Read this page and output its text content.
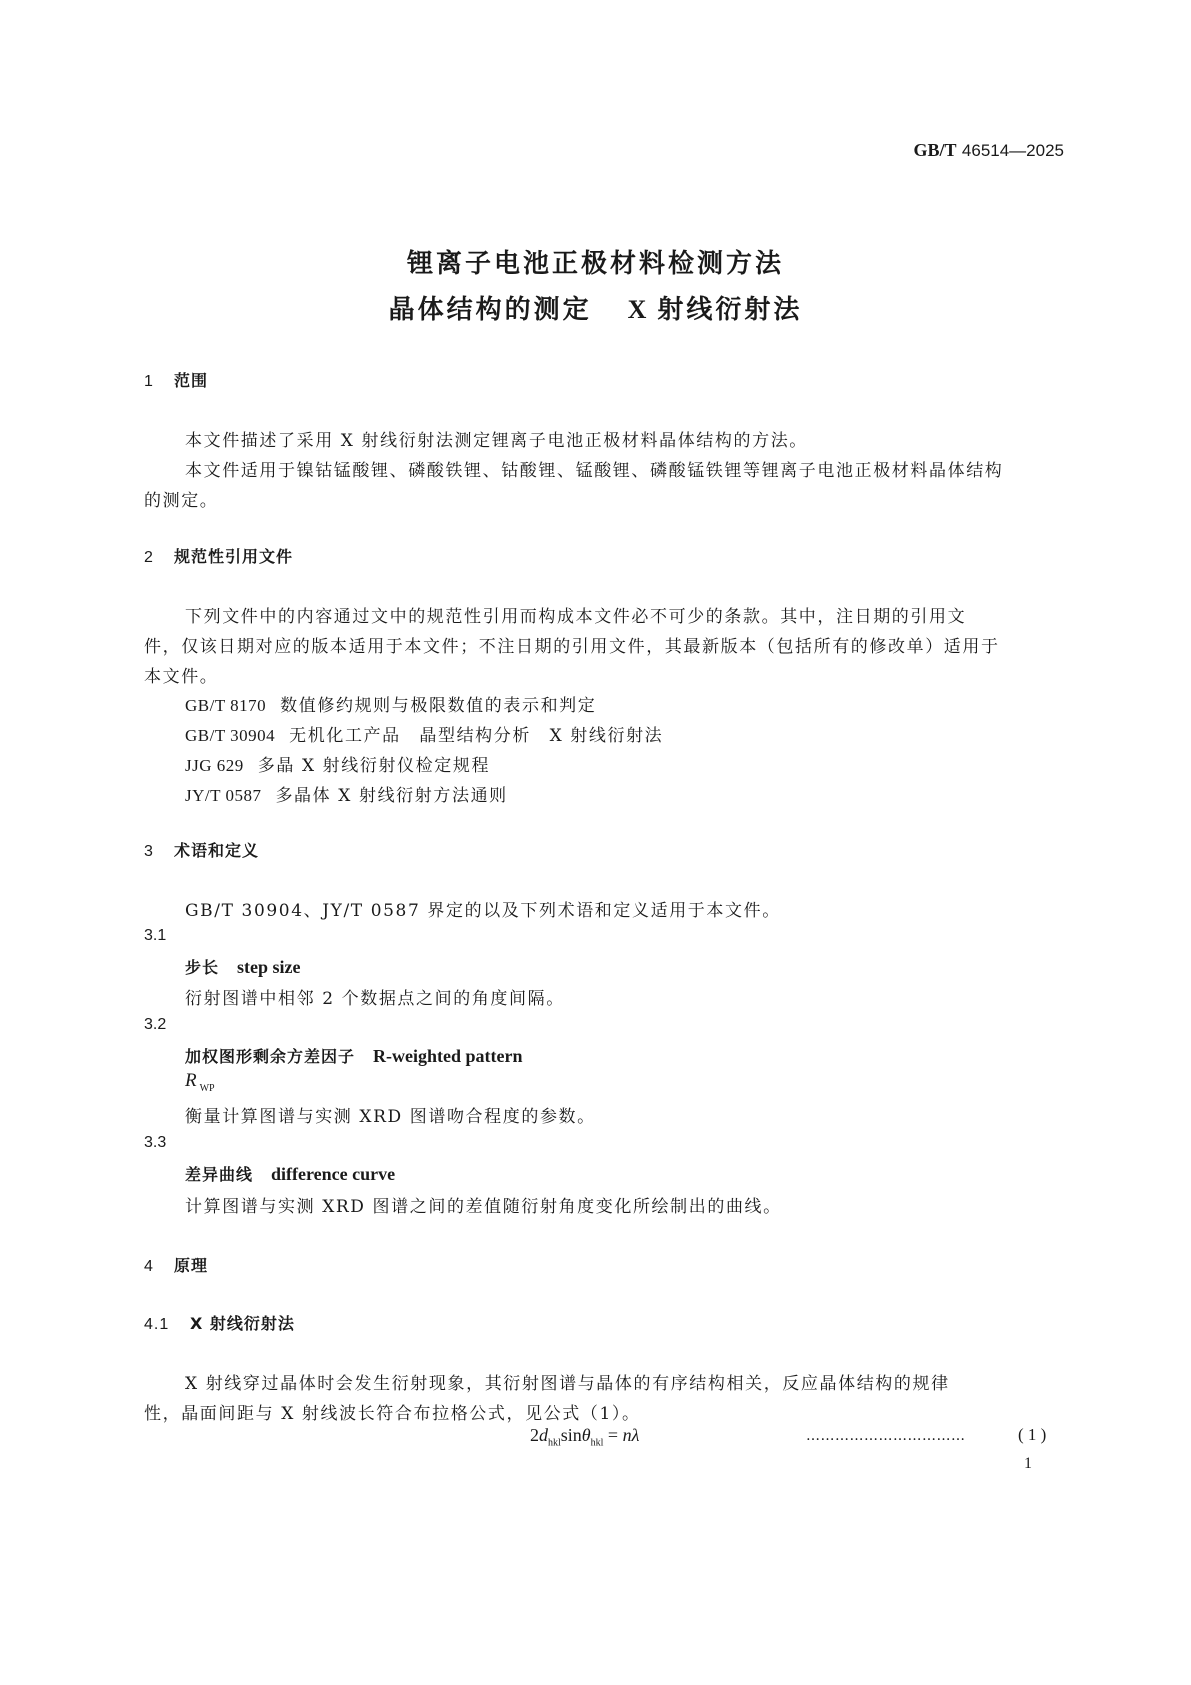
GB/T 46514—2025
锂离子电池正极材料检测方法
晶体结构的测定 X 射线衍射法
1 范围
本文件描述了采用 X 射线衍射法测定锂离子电池正极材料晶体结构的方法。
本文件适用于镍钴锰酸锂、磷酸铁锂、钴酸锂、锰酸锂、磷酸锰铁锂等锂离子电池正极材料晶体结构
的测定。
2 规范性引用文件
下列文件中的内容通过文中的规范性引用而构成本文件必不可少的条款。其中，注日期的引用文
件，仅该日期对应的版本适用于本文件；不注日期的引用文件，其最新版本（包括所有的修改单）适用于
本文件。
GB/T 8170 数值修约规则与极限数值的表示和判定
GB/T 30904 无机化工产品　晶型结构分析　X 射线衍射法
JJG 629 多晶 X 射线衍射仪检定规程
JY/T 0587 多晶体 X 射线衍射方法通则
3 术语和定义
GB/T 30904、JY/T 0587 界定的以及下列术语和定义适用于本文件。
3.1
步长 step size
衍射图谱中相邻 2 个数据点之间的角度间隔。
3.2
加权图形剩余方差因子 R-weighted pattern
R $_{WP}$
衡量计算图谱与实测 XRD 图谱吻合程度的参数。
3.3
差异曲线 difference curve
计算图谱与实测 XRD 图谱之间的差值随衍射角度变化所绘制出的曲线。
4 原理
4.1 X 射线衍射法
X 射线穿过晶体时会发生衍射现象，其衍射图谱与晶体的有序结构相关，反应晶体结构的规律
性，晶面间距与 X 射线波长符合布拉格公式，见公式（1）。
$2d_{hkl}\sin\theta_{hkl} = n\lambda$	……………………………	( 1 )
1
